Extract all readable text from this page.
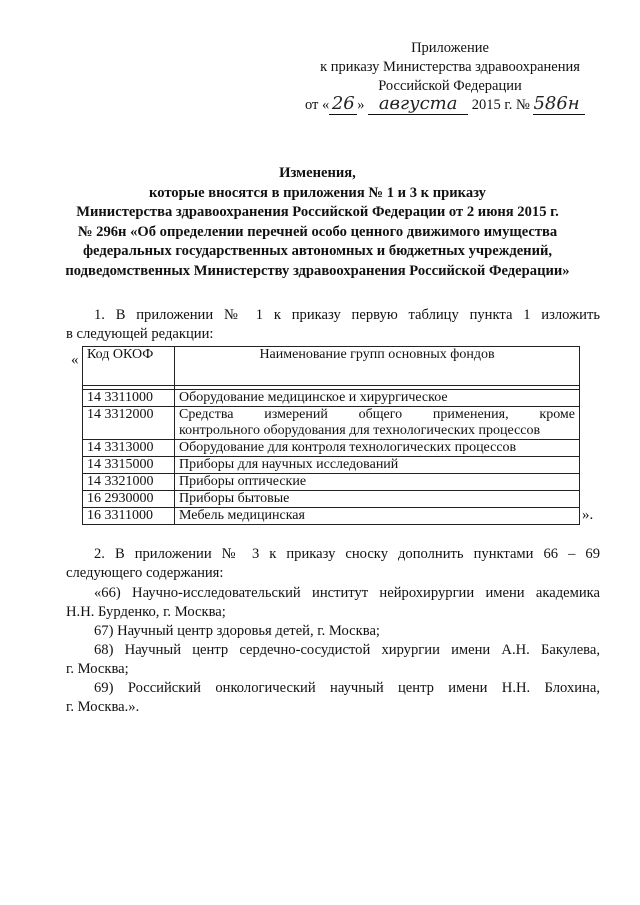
Приложение
к приказу Министерства здравоохранения
Российской Федерации
от « 26 » августа 2015 г. № 586н
Изменения,
которые вносятся в приложения № 1 и 3 к приказу
Министерства здравоохранения Российской Федерации от 2 июня 2015 г.
№ 296н «Об определении перечней особо ценного движимого имущества
федеральных государственных автономных и бюджетных учреждений,
подведомственных Министерству здравоохранения Российской Федерации»
1. В приложении № 1 к приказу первую таблицу пункта 1 изложить
в следующей редакции:
« Код ОКОФ	Наименование групп основных фондов

14 3311000	Оборудование медицинское и хирургическое
14 3312000	Средства измерений общего применения, кроме
контрольного оборудования для технологических процессов
14 3313000	Оборудование для контроля технологических процессов
14 3315000	Приборы для научных исследований
14 3321000	Приборы оптические
16 2930000	Приборы бытовые
16 3311000	Мебель медицинская	».
2. В приложении № 3 к приказу сноску дополнить пунктами 66 – 69
следующего содержания:
«66) Научно-исследовательский институт нейрохирургии имени академика
Н.Н. Бурденко, г. Москва;
67) Научный центр здоровья детей, г. Москва;
68) Научный центр сердечно-сосудистой хирургии имени А.Н. Бакулева,
г. Москва;
69) Российский онкологический научный центр имени Н.Н. Блохина,
г. Москва.».
